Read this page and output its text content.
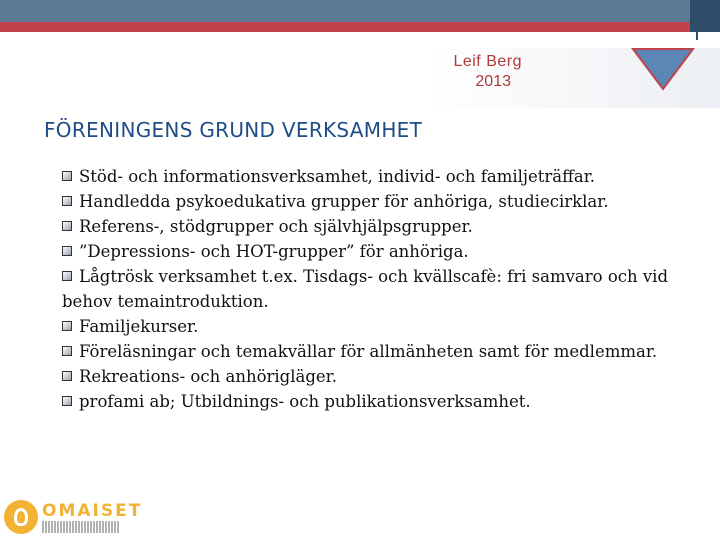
Leif Berg
2013
FÖRENINGENS GRUND VERKSAMHET
Stöd- och informationsverksamhet, individ- och familjeträffar.
Handledda psykoedukativa grupper för anhöriga, studiecirklar.
Referens-, stödgrupper och självhjälpsgrupper.
”Depressions- och HOT-grupper” för anhöriga.
Lågtrösk verksamhet t.ex. Tisdags- och kvällscafè: fri samvaro och vid behov temaintroduktion.
Familjekurser.
Föreläsningar och temakvällar för allmänheten samt för medlemmar.
Rekreations- och anhörigläger.
profami ab; Utbildnings- och publikationsverksamhet.
OMAISET
